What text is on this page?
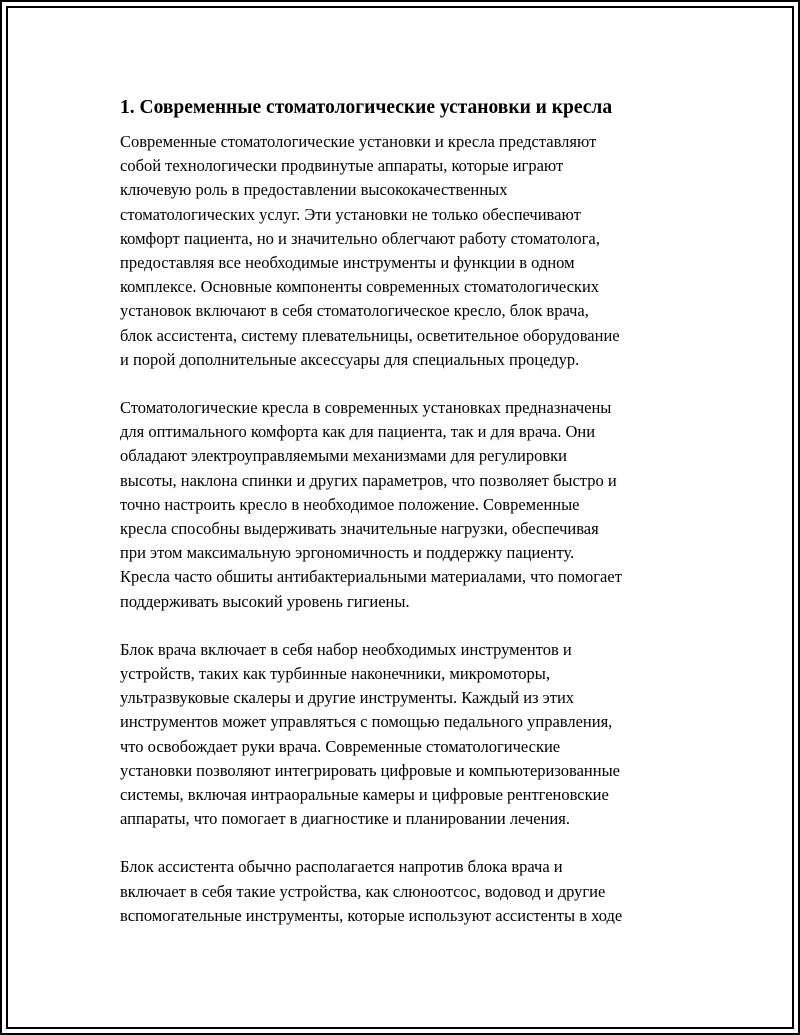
1. Современные стоматологические установки и кресла

Современные стоматологические установки и кресла представляют
собой технологически продвинутые аппараты, которые играют
ключевую роль в предоставлении высококачественных
стоматологических услуг. Эти установки не только обеспечивают
комфорт пациента, но и значительно облегчают работу стоматолога,
предоставляя все необходимые инструменты и функции в одном
комплексе. Основные компоненты современных стоматологических
установок включают в себя стоматологическое кресло, блок врача,
блок ассистента, систему плевательницы, осветительное оборудование
и порой дополнительные аксессуары для специальных процедур.

Стоматологические кресла в современных установках предназначены
для оптимального комфорта как для пациента, так и для врача. Они
обладают электроуправляемыми механизмами для регулировки
высоты, наклона спинки и других параметров, что позволяет быстро и
точно настроить кресло в необходимое положение. Современные
кресла способны выдерживать значительные нагрузки, обеспечивая
при этом максимальную эргономичность и поддержку пациенту.
Кресла часто обшиты антибактериальными материалами, что помогает
поддерживать высокий уровень гигиены.

Блок врача включает в себя набор необходимых инструментов и
устройств, таких как турбинные наконечники, микромоторы,
ультразвуковые скалеры и другие инструменты. Каждый из этих
инструментов может управляться с помощью педального управления,
что освобождает руки врача. Современные стоматологические
установки позволяют интегрировать цифровые и компьютеризованные
системы, включая интраоральные камеры и цифровые рентгеновские
аппараты, что помогает в диагностике и планировании лечения.

Блок ассистента обычно располагается напротив блока врача и
включает в себя такие устройства, как слюноотсос, водовод и другие
вспомогательные инструменты, которые используют ассистенты в ходе
